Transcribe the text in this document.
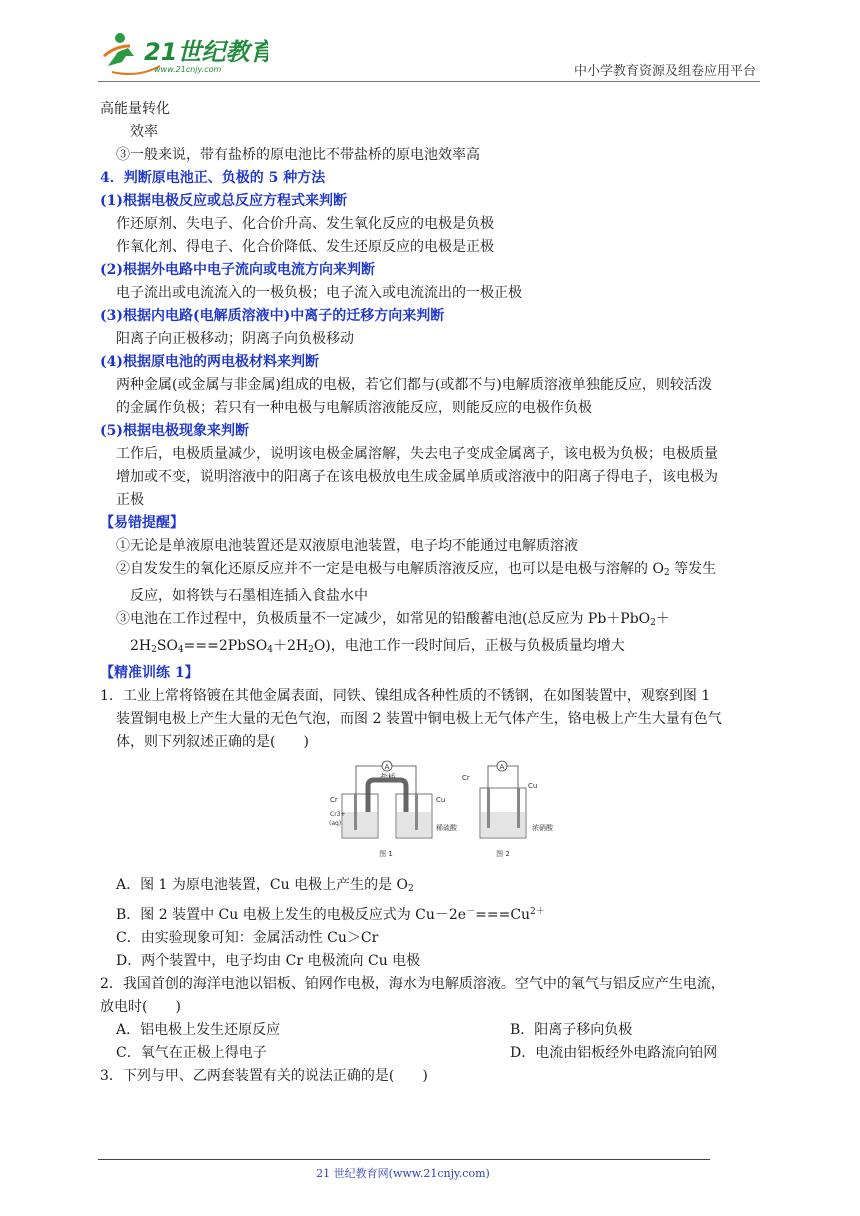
21世纪教育
www.21cnjy.com	中小学教育资源及组卷应用平台
高能量转化
效率
③一般来说，带有盐桥的原电池比不带盐桥的原电池效率高
4．判断原电池正、负极的 5 种方法
(1)根据电极反应或总反应方程式来判断
作还原剂、失电子、化合价升高、发生氧化反应的电极是负极
作氧化剂、得电子、化合价降低、发生还原反应的电极是正极
(2)根据外电路中电子流向或电流方向来判断
电子流出或电流流入的一极负极；电子流入或电流流出的一极正极
(3)根据内电路(电解质溶液中)中离子的迁移方向来判断
阳离子向正极移动；阴离子向负极移动
(4)根据原电池的两电极材料来判断
两种金属(或金属与非金属)组成的电极，若它们都与(或都不与)电解质溶液单独能反应，则较活泼
的金属作负极；若只有一种电极与电解质溶液能反应，则能反应的电极作负极
(5)根据电极现象来判断
工作后，电极质量减少，说明该电极金属溶解，失去电子变成金属离子，该电极为负极；电极质量
增加或不变，说明溶液中的阳离子在该电极放电生成金属单质或溶液中的阳离子得电子，该电极为
正极
【易错提醒】
①无论是单液原电池装置还是双液原电池装置，电子均不能通过电解质溶液
②自发发生的氧化还原反应并不一定是电极与电解质溶液反应，也可以是电极与溶解的 $O_2$ 等发生
反应，如将铁与石墨相连插入食盐水中
③电池在工作过程中，负极质量不一定减少，如常见的铅酸蓄电池(总反应为 Pb＋PbO$_2$＋
$2H_2SO_4===2PbSO_4+2H_2O$)，电池工作一段时间后，正极与负极质量均增大
【精准训练 1】
1．工业上常将铬镀在其他金属表面，同铁、镍组成各种性质的不锈钢，在如图装置中，观察到图 1
装置铜电极上产生大量的无色气泡，而图 2 装置中铜电极上无气体产生，铬电极上产生大量有色气
体，则下列叙述正确的是(　　)
A
盐桥
Cr
Cr3+
(aq)
Cu
稀硫酸
图 1
A
Cr
Cu
浓硝酸
图 2
A．图 1 为原电池装置，Cu 电极上产生的是 $O_2$
B．图 2 装置中 Cu 电极上发生的电极反应式为 $Cu-2e^-===Cu^{2+}$
C．由实验现象可知：金属活动性 Cu＞Cr
D．两个装置中，电子均由 Cr 电极流向 Cu 电极
2．我国首创的海洋电池以铝板、铂网作电极，海水为电解质溶液。空气中的氧气与铝反应产生电流，
放电时(　　)
A．铝电极上发生还原反应	B．阳离子移向负极
C．氧气在正极上得电子	D．电流由铝板经外电路流向铂网
3．下列与甲、乙两套装置有关的说法正确的是(　　)
21 世纪教育网(www.21cnjy.com)
